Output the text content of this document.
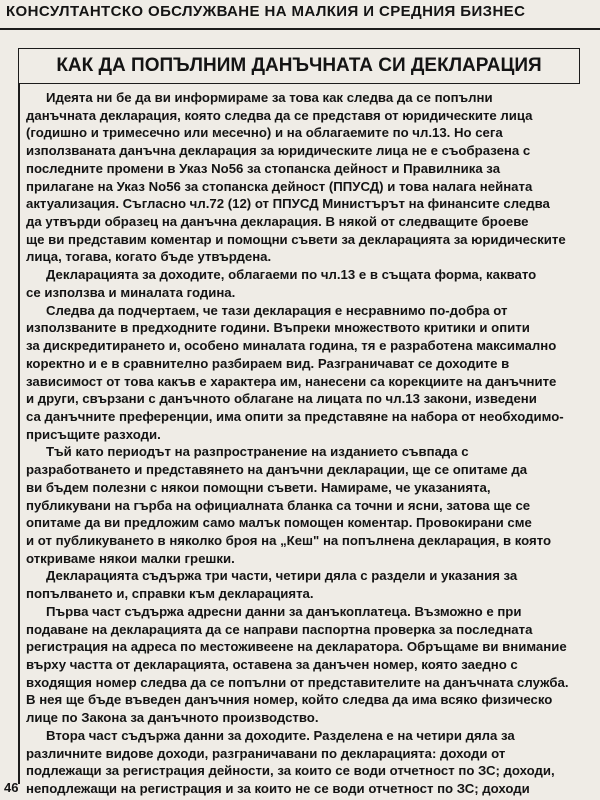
КОНСУЛТАНТСКО ОБСЛУЖВАНЕ НА МАЛКИЯ И СРЕДНИЯ БИЗНЕС
КАК ДА ПОПЪЛНИМ ДАНЪЧНАТА СИ ДЕКЛАРАЦИЯ
Идеята ни бе да ви информираме за това как следва да се попълни
данъчната декларация, която следва да се представя от юридическите лица
(годишно и тримесечно или месечно) и на облагаемите по чл.13. Но сега
използваната данъчна декларация за юридическите лица не е съобразена с
последните промени в Указ No56 за стопанска дейност и Правилника за
прилагане на Указ No56 за стопанска дейност (ППУСД) и това налага нейната
актуализация. Съгласно чл.72 (12) от ППУСД Министърът на финансите следва
да утвърди образец на данъчна декларация. В някой от следващите броеве
ще ви представим коментар и помощни съвети за декларацията за юридическите
лица, тогава, когато бъде утвърдена.
Декларацията за доходите, облагаеми по чл.13 е в същата форма, каквато
се използва и миналата година.
Следва да подчертаем, че тази декларация е несравнимо по-добра от
използваните в предходните години. Въпреки множеството критики и опити
за дискредитирането и, особено миналата година, тя е разработена максимално
коректно и е в сравнително разбираем вид. Разграничават се доходите в
зависимост от това какъв е характера им, нанесени са корекциите на данъчните
и други, свързани с данъчното облагане на лицата по чл.13 закони, изведени
са данъчните преференции, има опити за представяне на набора от необходимо-
присъщите разходи.
Тъй като периодът на разпространение на изданието съвпада с
разработването и представянето на данъчни декларации, ще се опитаме да
ви бъдем полезни с някои помощни съвети. Намираме, че указанията,
публикувани на гърба на официалната бланка са точни и ясни, затова ще се
опитаме да ви предложим само малък помощен коментар. Провокирани сме
и от публикуването в няколко броя на „Кеш" на попълнена декларация, в която
откриваме някои малки грешки.
Декларацията съдържа три части, четири дяла с раздели и указания за
попълването и, справки към декларацията.
Първа част съдържа адресни данни за данъкоплатеца. Възможно е при
подаване на декларацията да се направи паспортна проверка за последната
регистрация на адреса по местоживеене на декларатора. Обръщаме ви внимание
върху частта от декларацията, оставена за данъчен номер, която заедно с
входящия номер следва да се попълни от представителите на данъчната служба.
В нея ще бъде въведен данъчния номер, който следва да има всяко физическо
лице по Закона за данъчното производство.
Втора част съдържа данни за доходите. Разделена е на четири дяла за
различните видове доходи, разграничавани по декларацията: доходи от
подлежащи за регистрация дейности, за които се води отчетност по ЗС; доходи,
неподлежащи на регистрация и за които не се води отчетност по ЗС; доходи
46
